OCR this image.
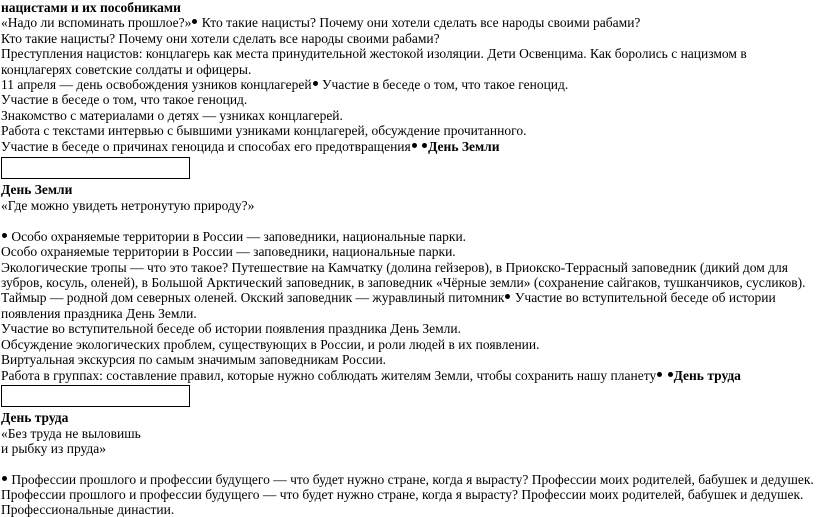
нацистами и их пособниками
«Надо ли вспоминать прошлое?» Кто такие нацисты? Почему они хотели сделать все народы своими рабами?
Кто такие нацисты? Почему они хотели сделать все народы своими рабами?
Преступления нацистов: концлагерь как места принудительной жестокой изоляции. Дети Освенцима. Как боролись с нацизмом в
концлагерях советские солдаты и офицеры.
11 апреля — день освобождения узников концлагерей Участие в беседе о том, что такое геноцид.
Участие в беседе о том, что такое геноцид.
Знакомство с материалами о детях — узниках концлагерей.
Работа с текстами интервью с бывшими узниками концлагерей, обсуждение прочитанного.
Участие в беседе о причинах геноцида и способах его предотвращения День Земли
День Земли
«Где можно увидеть нетронутую природу?»
Особо охраняемые территории в России — заповедники, национальные парки.
Особо охраняемые территории в России — заповедники, национальные парки.
Экологические тропы — что это такое? Путешествие на Камчатку (долина гейзеров), в Приокско-Террасный заповедник (дикий дом для
зубров, косуль, оленей), в Большой Арктический заповедник, в заповедник «Чёрные земли» (сохранение сайгаков, тушканчиков, сусликов).
Таймыр — родной дом северных оленей. Окский заповедник — журавлиный питомник Участие во вступительной беседе об истории
появления праздника День Земли.
Участие во вступительной беседе об истории появления праздника День Земли.
Обсуждение экологических проблем, существующих в России, и роли людей в их появлении.
Виртуальная экскурсия по самым значимым заповедникам России.
Работа в группах: составление правил, которые нужно соблюдать жителям Земли, чтобы сохранить нашу планету День труда
День труда
«Без труда не выловишь
и рыбку из пруда»
Профессии прошлого и профессии будущего — что будет нужно стране, когда я вырасту? Профессии моих родителей, бабушек и дедушек.
Профессии прошлого и профессии будущего — что будет нужно стране, когда я вырасту? Профессии моих родителей, бабушек и дедушек.
Профессиональные династии.
